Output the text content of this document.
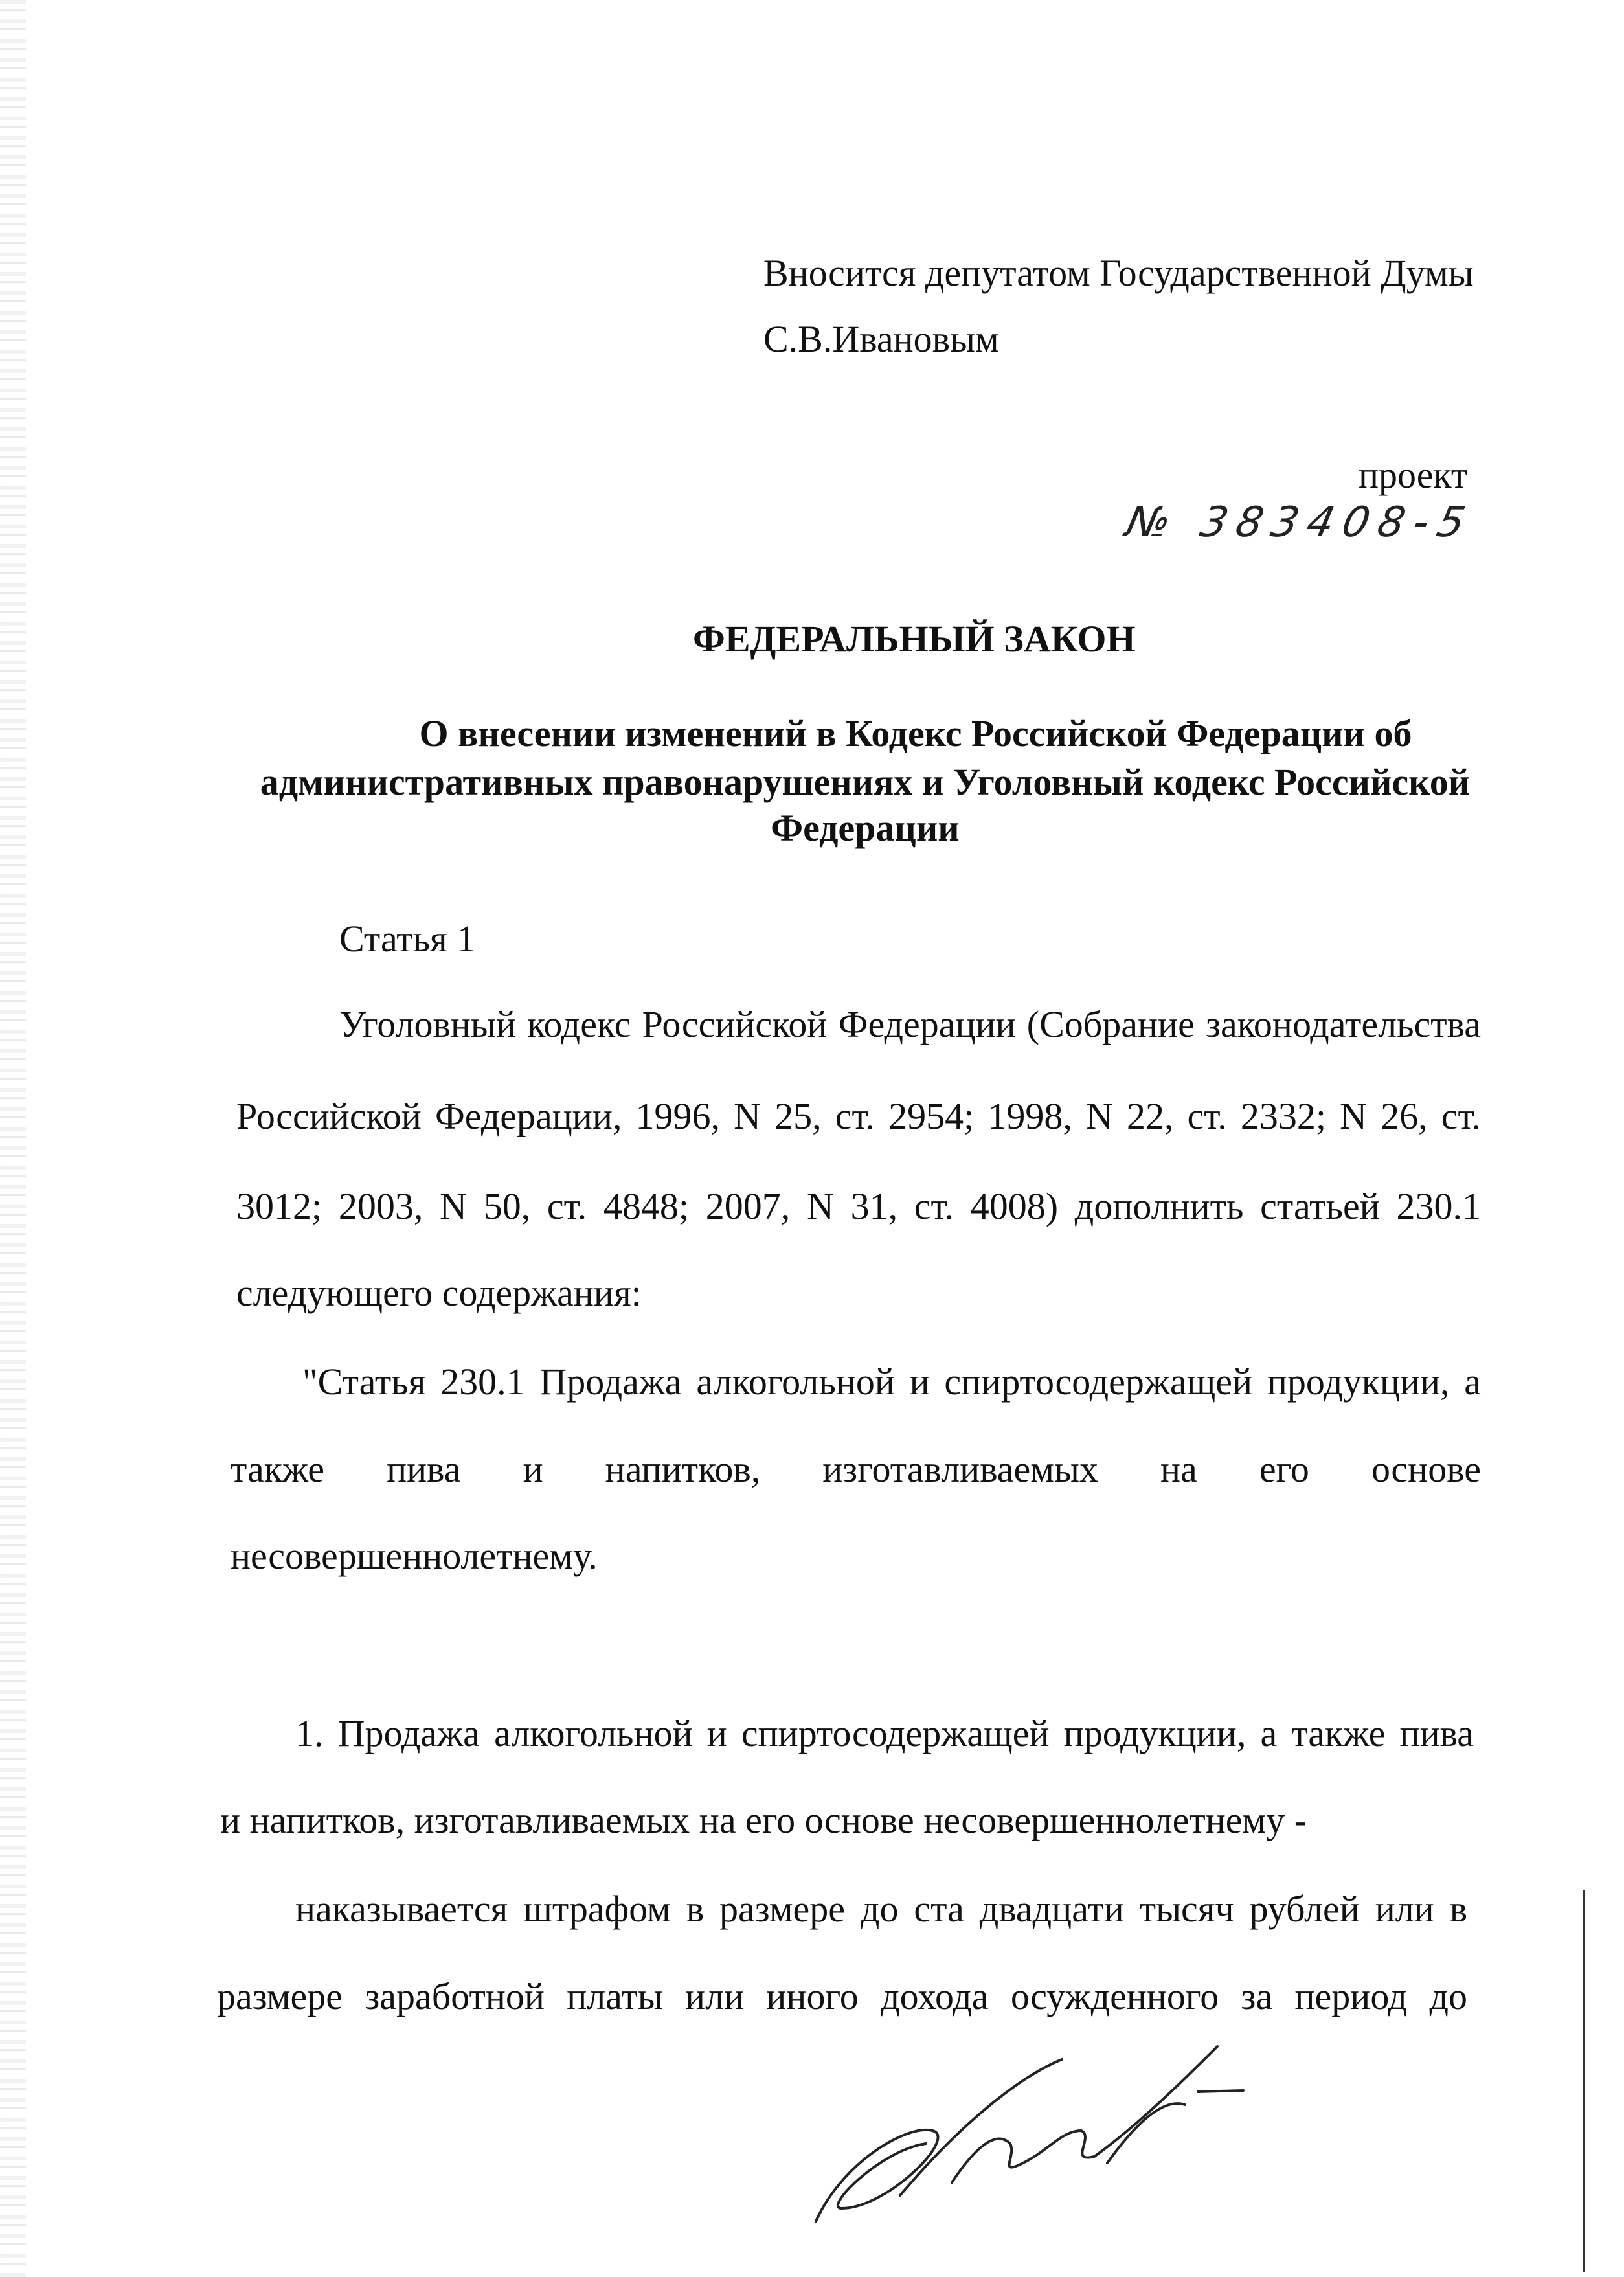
Вносится депутатом Государственной Думы
С.В.Ивановым
проект
№ 383408-5
ФЕДЕРАЛЬНЫЙ ЗАКОН
О внесении изменений в Кодекс Российской Федерации об
административных правонарушениях и Уголовный кодекс Российской
Федерации
Статья 1
Уголовный кодекс Российской Федерации (Собрание законодательства
Российской Федерации, 1996, N 25, ст. 2954; 1998, N 22, ст. 2332; N 26, ст.
3012; 2003, N 50, ст. 4848; 2007, N 31, ст. 4008) дополнить статьей 230.1
следующего содержания:
"Статья 230.1 Продажа алкогольной и спиртосодержащей продукции, а
также пива и напитков, изготавливаемых на его основе
несовершеннолетнему.
1. Продажа алкогольной и спиртосодержащей продукции, а также пива
и напитков, изготавливаемых на его основе несовершеннолетнему -
наказывается штрафом в размере до ста двадцати тысяч рублей или в
размере заработной платы или иного дохода осужденного за период до
